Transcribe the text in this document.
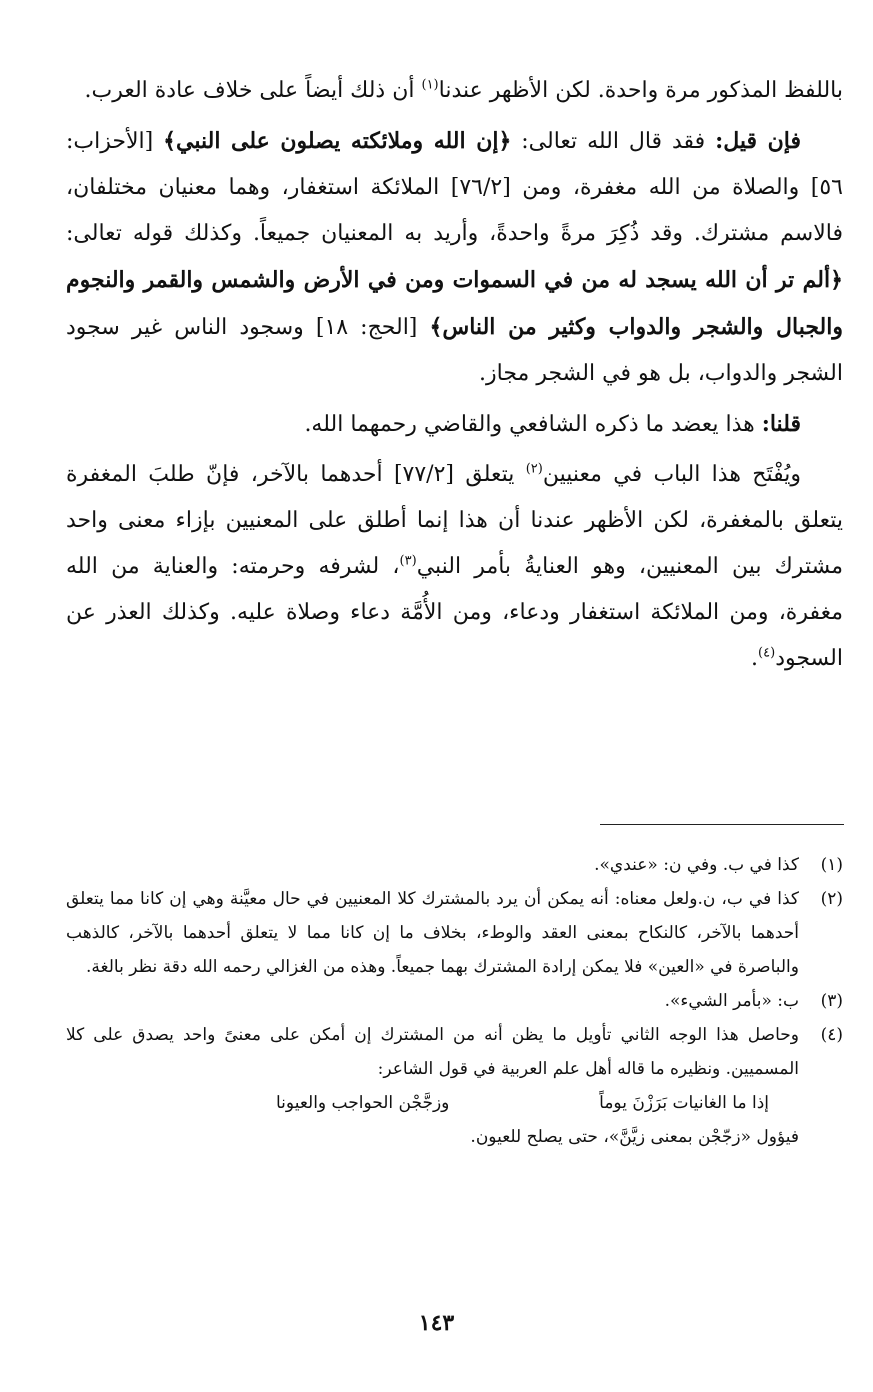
باللفظ المذكور مرة واحدة. لكن الأظهر عندنا$^{(١)}$ أن ذلك أيضاً على خلاف عادة العرب.

فإن قيل: فقد قال الله تعالى: ﴿إن الله وملائكته يصلون على النبي﴾ [الأحزاب: ٥٦] والصلاة من الله مغفرة، ومن [٧٦/٢] الملائكة استغفار، وهما معنيان مختلفان، فالاسم مشترك. وقد ذُكِرَ مرةً واحدةً، وأريد به المعنيان جميعاً. وكذلك قوله تعالى: ﴿ألم تر أن الله يسجد له من في السموات ومن في الأرض والشمس والقمر والنجوم والجبال والشجر والدواب وكثير من الناس﴾ [الحج: ١٨] وسجود الناس غير سجود الشجر والدواب، بل هو في الشجر مجاز.

قلنا: هذا يعضد ما ذكره الشافعي والقاضي رحمهما الله.

ويُفْتَح هذا الباب في معنيين$^{(٢)}$ يتعلق [٧٧/٢] أحدهما بالآخر، فإنّ طلبَ المغفرة يتعلق بالمغفرة، لكن الأظهر عندنا أن هذا إنما أطلق على المعنيين بإزاء معنى واحد مشترك بين المعنيين، وهو العنايةُ بأمر النبي$^{(٣)}$، لشرفه وحرمته: والعناية من الله مغفرة، ومن الملائكة استغفار ودعاء، ومن الأُمَّة دعاء وصلاة عليه. وكذلك العذر عن السجود$^{(٤)}$.

(١)
كذا في ب. وفي ن: «عندي».
(٢)
كذا في ب، ن.ولعل معناه: أنه يمكن أن يرد بالمشترك كلا المعنيين في حال معيَّنة وهي إن كانا مما يتعلق أحدهما بالآخر، كالنكاح بمعنى العقد والوطء، بخلاف ما إن كانا مما لا يتعلق أحدهما بالآخر، كالذهب والباصرة في «العين» فلا يمكن إرادة المشترك بهما جميعاً. وهذه من الغزالي رحمه الله دقة نظر بالغة.
(٣)
ب: «بأمر الشيء».
(٤)
وحاصل هذا الوجه الثاني تأويل ما يظن أنه من المشترك إن أمكن على معنىً واحد يصدق على كلا المسميين. ونظيره ما قاله أهل علم العربية في قول الشاعر:
إذا ما الغانيات بَرَزْنَ يوماً
وزجَّجْن الحواجب والعيونا
فيؤول «زجّجْن بمعنى زيَّنَّ»، حتى يصلح للعيون.
١٤٣
